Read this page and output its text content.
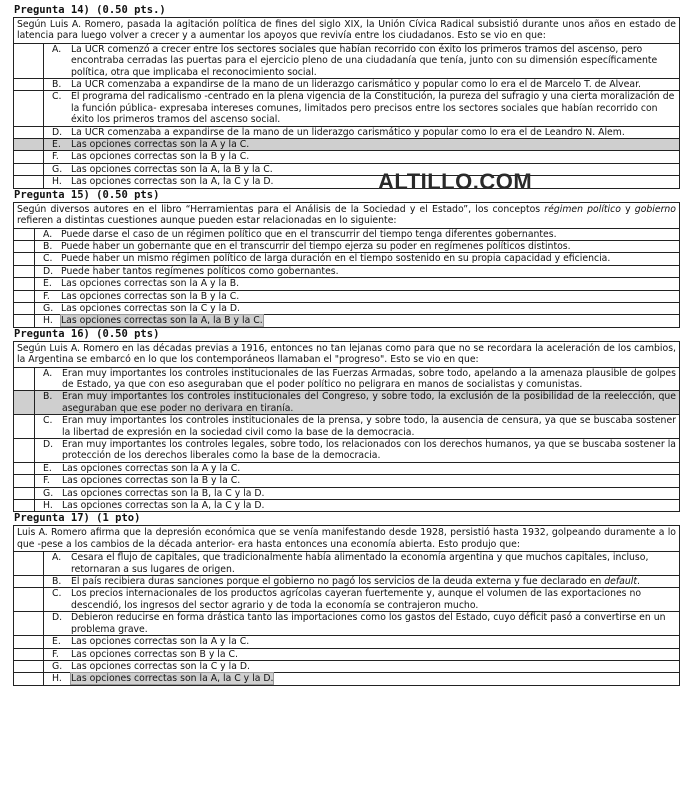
Pregunta 14) (0.50 pts.)
Según Luis A. Romero, pasada la agitación política de fines del siglo XIX, la Unión Cívica Radical subsistió durante unos años en estado de latencia para luego volver a crecer y a aumentar los apoyos que revivía entre los ciudadanos. Esto se vio en que:
A.	La UCR comenzó a crecer entre los sectores sociales que habían recorrido con éxito los primeros tramos del ascenso, pero encontraba cerradas las puertas para el ejercicio pleno de una ciudadanía que tenía, junto con su dimensión específicamente política, otra que implicaba el reconocimiento social.
B.	La UCR comenzaba a expandirse de la mano de un liderazgo carismático y popular como lo era el de Marcelo T. de Alvear.
C.	El programa del radicalismo -centrado en la plena vigencia de la Constitución, la pureza del sufragio y una cierta moralización de la función pública- expresaba intereses comunes, limitados pero precisos entre los sectores sociales que habían recorrido con éxito los primeros tramos del ascenso social.
D. La UCR comenzaba a expandirse de la mano de un liderazgo carismático y popular como lo era el de Leandro N. Alem.
E.	Las opciones correctas son la A y la C.
F.	Las opciones correctas son la B y la C.
G. Las opciones correctas son la A, la B y la C.
H. Las opciones correctas son la A, la C y la D.
Pregunta 15) (0.50 pts)
Según diversos autores en el libro “Herramientas para el Análisis de la Sociedad y el Estado”, los conceptos régimen político y gobierno refieren a distintas cuestiones aunque pueden estar relacionadas en lo siguiente:
A. Puede darse el caso de un régimen político que en el transcurrir del tiempo tenga diferentes gobernantes.
B. Puede haber un gobernante que en el transcurrir del tiempo ejerza su poder en regímenes políticos distintos.
C. Puede haber un mismo régimen político de larga duración en el tiempo sostenido en su propia capacidad y eficiencia.
D. Puede haber tantos regímenes políticos como gobernantes.
E. Las opciones correctas son la A y la B.
F.	Las opciones correctas son la B y la C.
G. Las opciones correctas son la C y la D.
H. Las opciones correctas son la A, la B y la C.
Pregunta 16) (0.50 pts)
Según Luis A. Romero en las décadas previas a 1916, entonces no tan lejanas como para que no se recordara la aceleración de los cambios, la Argentina se embarcó en lo que los contemporáneos llamaban el "progreso". Esto se vio en que:
A.	Eran muy importantes los controles institucionales de las Fuerzas Armadas, sobre todo, apelando a la amenaza plausible de golpes de Estado, ya que con eso aseguraban que el poder político no peligrara en manos de socialistas y comunistas.
B.	Eran muy importantes los controles institucionales del Congreso, y sobre todo, la exclusión de la posibilidad de la reelección, que aseguraban que ese poder no derivara en tiranía.
C.	Eran muy importantes los controles institucionales de la prensa, y sobre todo, la ausencia de censura, ya que se buscaba sostener la libertad de expresión en la sociedad civil como la base de la democracia.
D. Eran muy importantes los controles legales, sobre todo, los relacionados con los derechos humanos, ya que se buscaba sostener la protección de los derechos liberales como la base de la democracia.
E.	Las opciones correctas son la A y la C.
F.	Las opciones correctas son la B y la C.
G. Las opciones correctas son la B, la C y la D.
H. Las opciones correctas son la A, la C y la D.
Pregunta 17) (1 pto)
Luis A. Romero afirma que la depresión económica que se venía manifestando desde 1928, persistió hasta 1932, golpeando duramente a lo que -pese a los cambios de la década anterior- era hasta entonces una economía abierta. Esto produjo que:
A.	Cesara el flujo de capitales, que tradicionalmente había alimentado la economía argentina y que muchos capitales, incluso, retornaran a sus lugares de origen.
B.	El país recibiera duras sanciones porque el gobierno no pagó los servicios de la deuda externa y fue declarado en default.
C.	Los precios internacionales de los productos agrícolas cayeran fuertemente y, aunque el volumen de las exportaciones no descendió, los ingresos del sector agrario y de toda la economía se contrajeron mucho.
D. Debieron reducirse en forma drástica tanto las importaciones como los gastos del Estado, cuyo déficit pasó a convertirse en un problema grave.
E.	Las opciones correctas son la A y la C.
F.	Las opciones correctas son B y la C.
G. Las opciones correctas son la C y la D.
H. Las opciones correctas son la A, la C y la D.
ALTILLO.COM
